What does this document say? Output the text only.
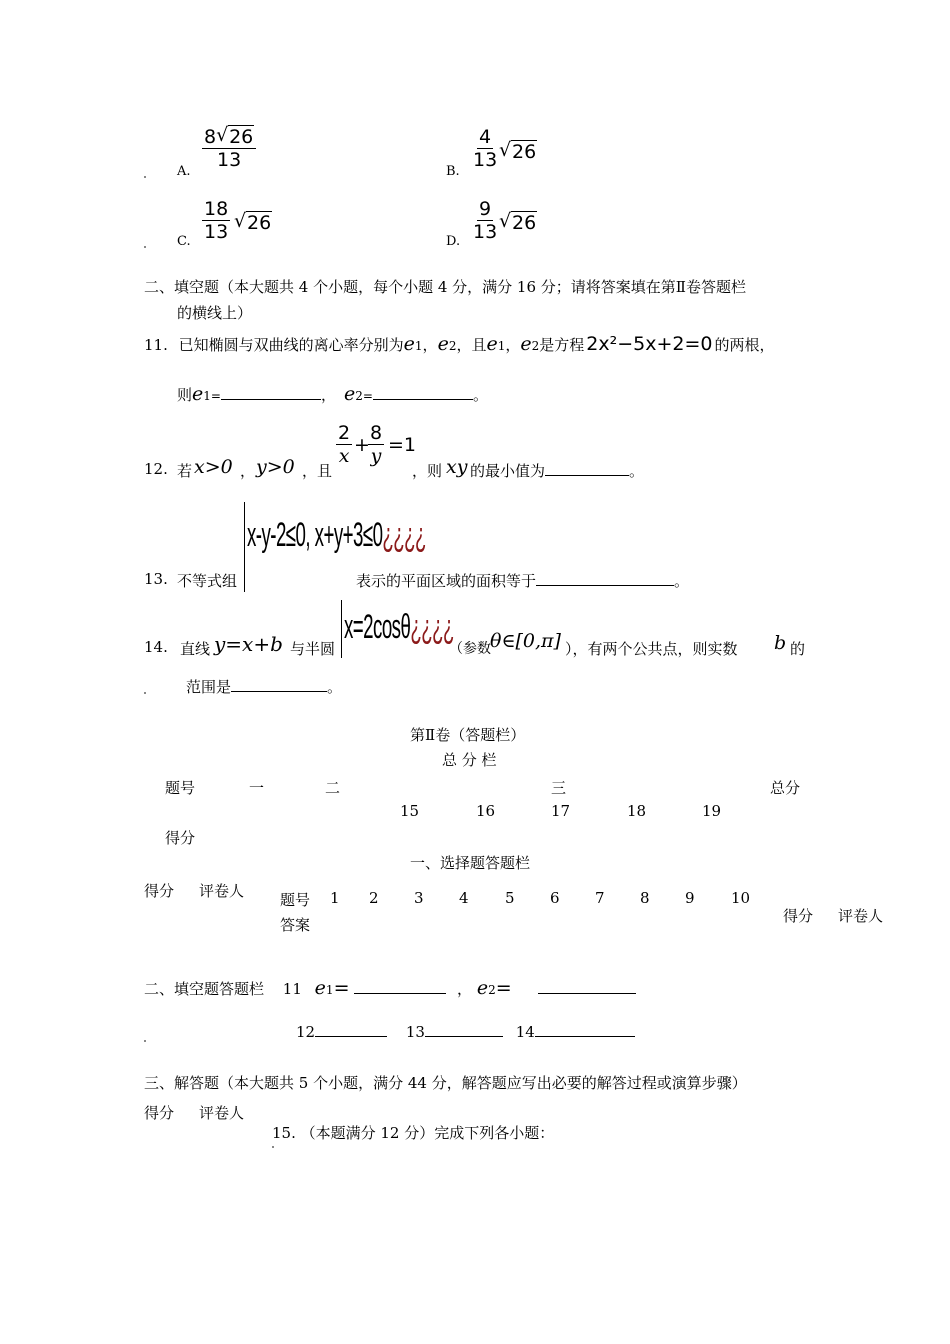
A.
$\frac{8 √ 26}{13}$
B.
$\frac{4}{13}$ √ 26
C. $\frac{18}{13}$ √ 26
D. $\frac{9}{13}$ √ 26
二、填空题（本大题共 4 个小题，每个小题 4 分，满分 16 分；请将答案填在第Ⅱ卷答题栏
的横线上）
11. 已知椭圆与双曲线的离心率分别为e1，e2，且e1，e2是方程 2x²−5x+2=0 的两根，
则e1=	， e2=	。
12. 若 x>0 ， y>0 ，且
$\frac{2}{x}$ +
$\frac{8}{y} =1$
，则 xy 的最小值为	。
13. 不等式组
x-y-2≤0, x+y+3≤0¿¿¿¿
表示的平面区域的面积等于	。
14. 直线 y=x+b 与半圆
x=2cosθ¿¿¿¿
（参数 θ∈[0,π] ），有两个公共点，则实数 b 的
范围是	。
第Ⅱ卷（答题栏）
总 分 栏
题号	一	二	三	总分
15	16	17	18	19
得分
一、选择题答题栏
得分 评卷人 题号 1 2 3 4 5 6 7 8 9 10
答案	得分 评卷人
二、填空题答题栏 11 e1=	， e2=
12	13	14
三、解答题（本大题共 5 个小题，满分 44 分，解答题应写出必要的解答过程或演算步骤）
得分 评卷人
15. （本题满分 12 分）完成下列各小题：
